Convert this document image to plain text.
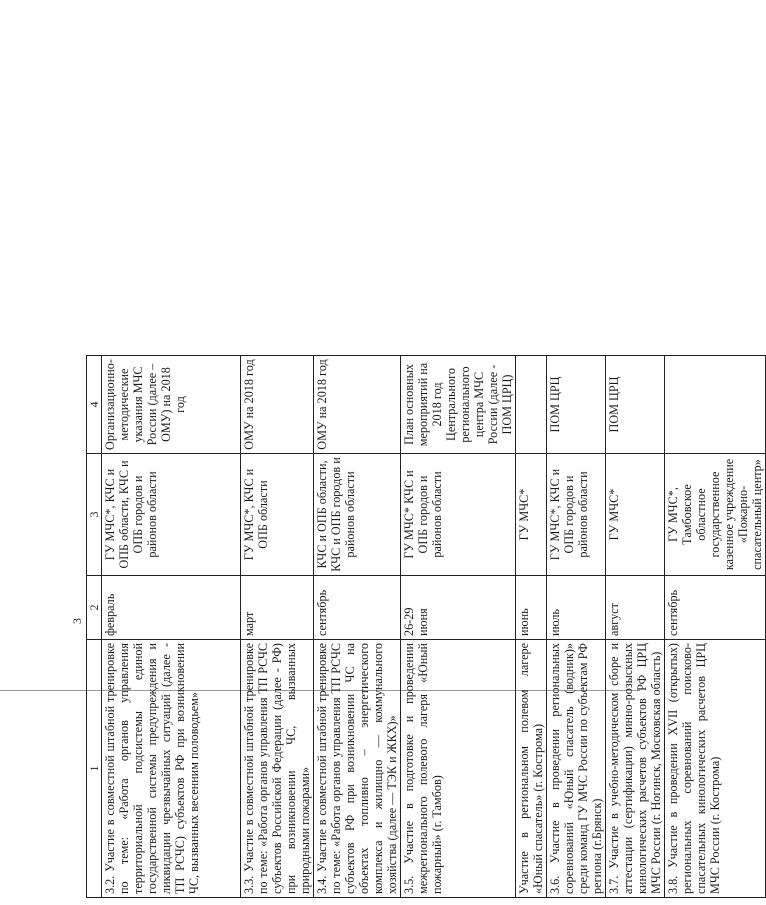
3
1	2	3	4
3.2. Участие в совместной штабной тренировке по теме: «Работа органов управления территориальной подсистемы единой государственной системы предупреждения и ликвидации чрезвычайных ситуаций (далее - ТП РСЧС) субъектов РФ при возникновении ЧС, вызванных весенним половодьем»	февраль	ГУ МЧС*, КЧС и ОПБ области, КЧС и ОПБ городов и районов области	Организационно-методические указания МЧС России (далее – ОМУ) на 2018 год
3.3. Участие в совместной штабной тренировке по теме: «Работа органов управления ТП РСЧС субъектов Российской Федерации (далее - РФ) при возникновении ЧС, вызванных природными пожарами»	март	ГУ МЧС*, КЧС и ОПБ области	ОМУ на 2018 год
3.4. Участие в совместной штабной тренировке по теме: «Работа органов управления ТП РСЧС субъектов РФ при возникновении ЧС на объектах топливно – энергетического комплекса и жилищно — коммунального хозяйства (далее — ТЭК и ЖКХ)»	сентябрь	КЧС и ОПБ области, КЧС и ОПБ городов и районов области	ОМУ на 2018 год
3.5. Участие в подготовке и проведении межрегионального полевого лагеря «Юный пожарный» (г. Тамбов)	26-29 июня	ГУ МЧС* КЧС и ОПБ городов и районов области	План основных мероприятий на 2018 год Центрального регионального центра МЧС России (далее - ПОМ ЦРЦ)
Участие в региональном полевом лагере «Юный спасатель» (г. Кострома)	июнь	ГУ МЧС*	
3.6. Участие в проведении региональных соревнований «Юный спасатель (водник)» среди команд ГУ МЧС России по субъектам РФ региона (г.Брянск)	июль	ГУ МЧС*, КЧС и ОПБ городов и районов области	ПОМ ЦРЦ
3.7. Участие в учебно-методическом сборе и аттестации (сертификации) минно-розыскных кинологических расчетов субъектов РФ ЦРЦ МЧС России (г. Ногинск, Московская область)	август	ГУ МЧС*	ПОМ ЦРЦ
3.8. Участие в проведении XVII (открытых) региональных соревнований поисково-спасательных кинологических расчетов ЦРЦ МЧС России (г. Кострома)	сентябрь	ГУ МЧС*, Тамбовское областное государственное казенное учреждение «Пожарно-спасательный центр»	
